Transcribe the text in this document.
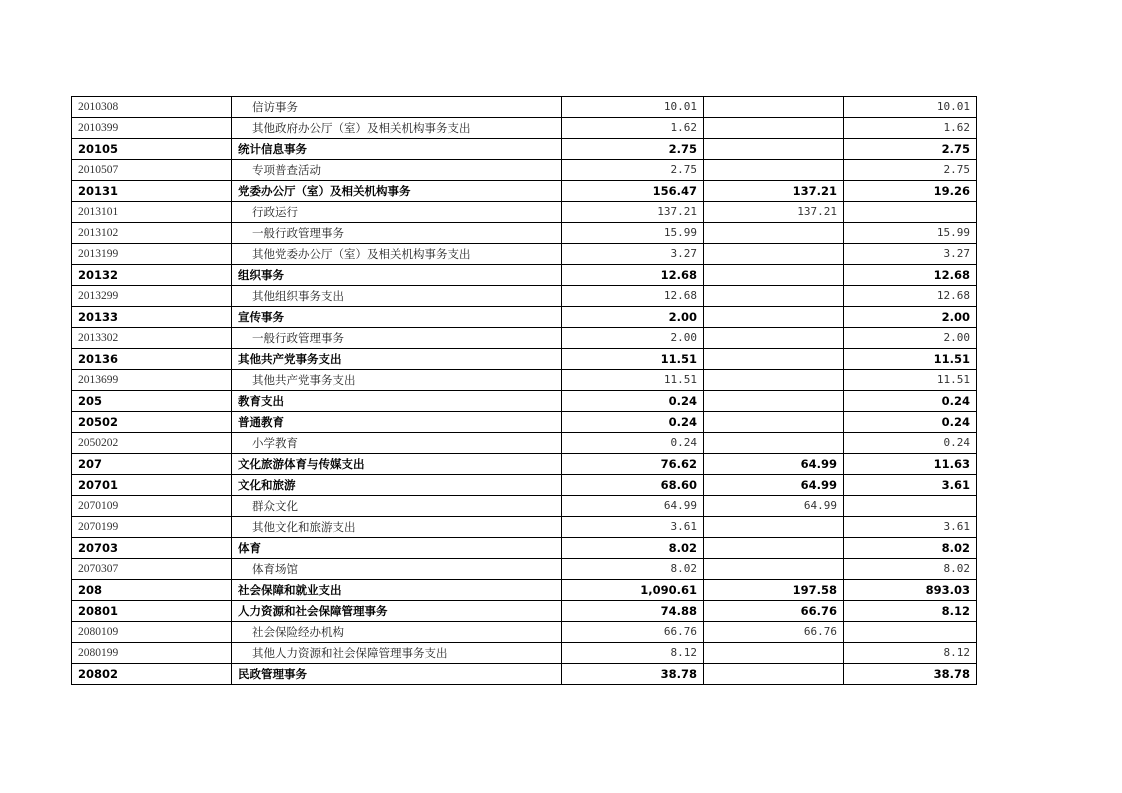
2010308	信访事务	10.01		10.01
2010399	其他政府办公厅（室）及相关机构事务支出	1.62		1.62
20105	统计信息事务	2.75		2.75
2010507	专项普查活动	2.75		2.75
20131	党委办公厅（室）及相关机构事务	156.47	137.21	19.26
2013101	行政运行	137.21	137.21	
2013102	一般行政管理事务	15.99		15.99
2013199	其他党委办公厅（室）及相关机构事务支出	3.27		3.27
20132	组织事务	12.68		12.68
2013299	其他组织事务支出	12.68		12.68
20133	宣传事务	2.00		2.00
2013302	一般行政管理事务	2.00		2.00
20136	其他共产党事务支出	11.51		11.51
2013699	其他共产党事务支出	11.51		11.51
205	教育支出	0.24		0.24
20502	普通教育	0.24		0.24
2050202	小学教育	0.24		0.24
207	文化旅游体育与传媒支出	76.62	64.99	11.63
20701	文化和旅游	68.60	64.99	3.61
2070109	群众文化	64.99	64.99	
2070199	其他文化和旅游支出	3.61		3.61
20703	体育	8.02		8.02
2070307	体育场馆	8.02		8.02
208	社会保障和就业支出	1,090.61	197.58	893.03
20801	人力资源和社会保障管理事务	74.88	66.76	8.12
2080109	社会保险经办机构	66.76	66.76	
2080199	其他人力资源和社会保障管理事务支出	8.12		8.12
20802	民政管理事务	38.78		38.78
